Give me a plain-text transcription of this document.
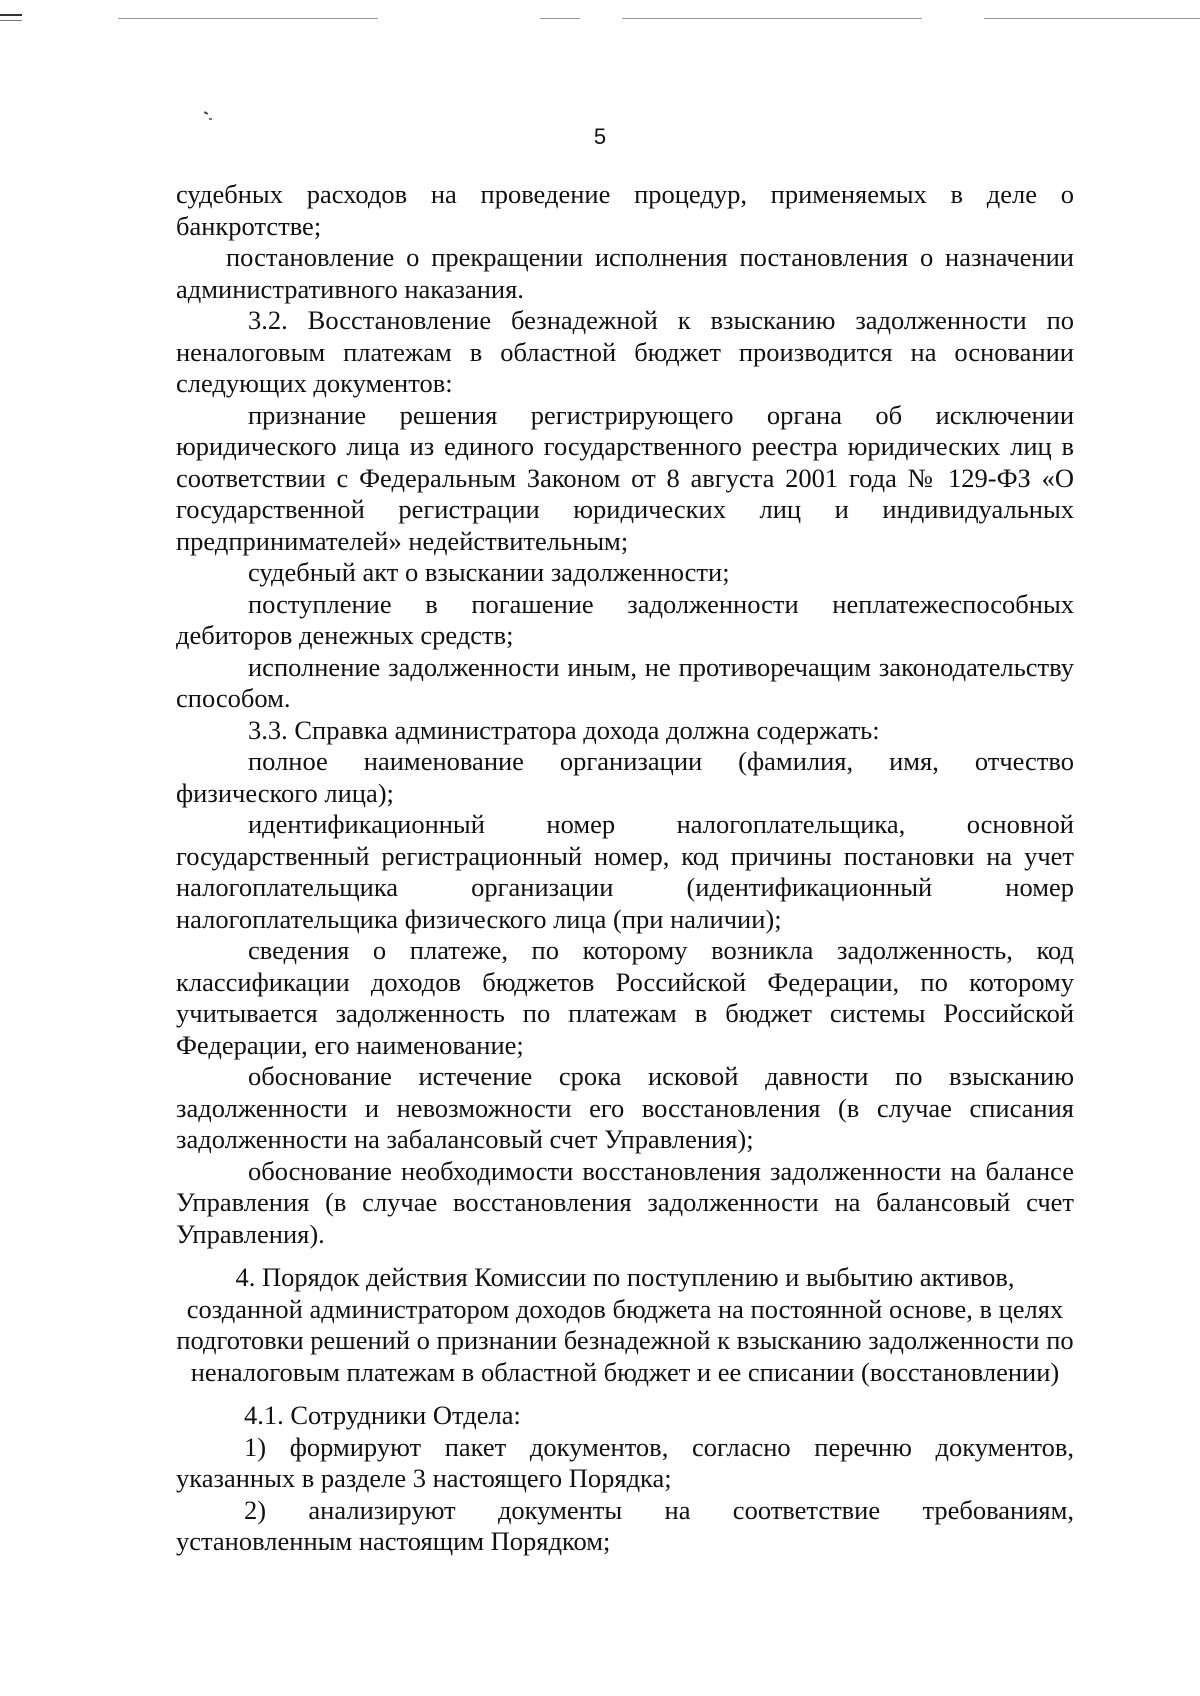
5

судебных расходов на проведение процедур, применяемых в деле о банкротстве;

постановление о прекращении исполнения постановления о назначении административного наказания.

3.2. Восстановление безнадежной к взысканию задолженности по неналоговым платежам в областной бюджет производится на основании следующих документов:

признание решения регистрирующего органа об исключении юридического лица из единого государственного реестра юридических лиц в соответствии с Федеральным Законом от 8 августа 2001 года № 129-ФЗ «О государственной регистрации юридических лиц и индивидуальных предпринимателей» недействительным;

судебный акт о взыскании задолженности;

поступление в погашение задолженности неплатежеспособных дебиторов денежных средств;

исполнение задолженности иным, не противоречащим законодательству способом.

3.3. Справка администратора дохода должна содержать:

полное наименование организации (фамилия, имя, отчество физического лица);

идентификационный номер налогоплательщика, основной государственный регистрационный номер, код причины постановки на учет налогоплательщика организации (идентификационный номер налогоплательщика физического лица (при наличии);

сведения о платеже, по которому возникла задолженность, код классификации доходов бюджетов Российской Федерации, по которому учитывается задолженность по платежам в бюджет системы Российской Федерации, его наименование;

обоснование истечение срока исковой давности по взысканию задолженности и невозможности его восстановления (в случае списания задолженности на забалансовый счет Управления);

обоснование необходимости восстановления задолженности на балансе Управления (в случае восстановления задолженности на балансовый счет Управления).

4. Порядок действия Комиссии по поступлению и выбытию активов, созданной администратором доходов бюджета на постоянной основе, в целях подготовки решений о признании безнадежной к взысканию задолженности по неналоговым платежам в областной бюджет и ее списании (восстановлении)

4.1. Сотрудники Отдела:

1) формируют пакет документов, согласно перечню документов, указанных в разделе 3 настоящего Порядка;

2) анализируют документы на соответствие требованиям, установленным настоящим Порядком;
